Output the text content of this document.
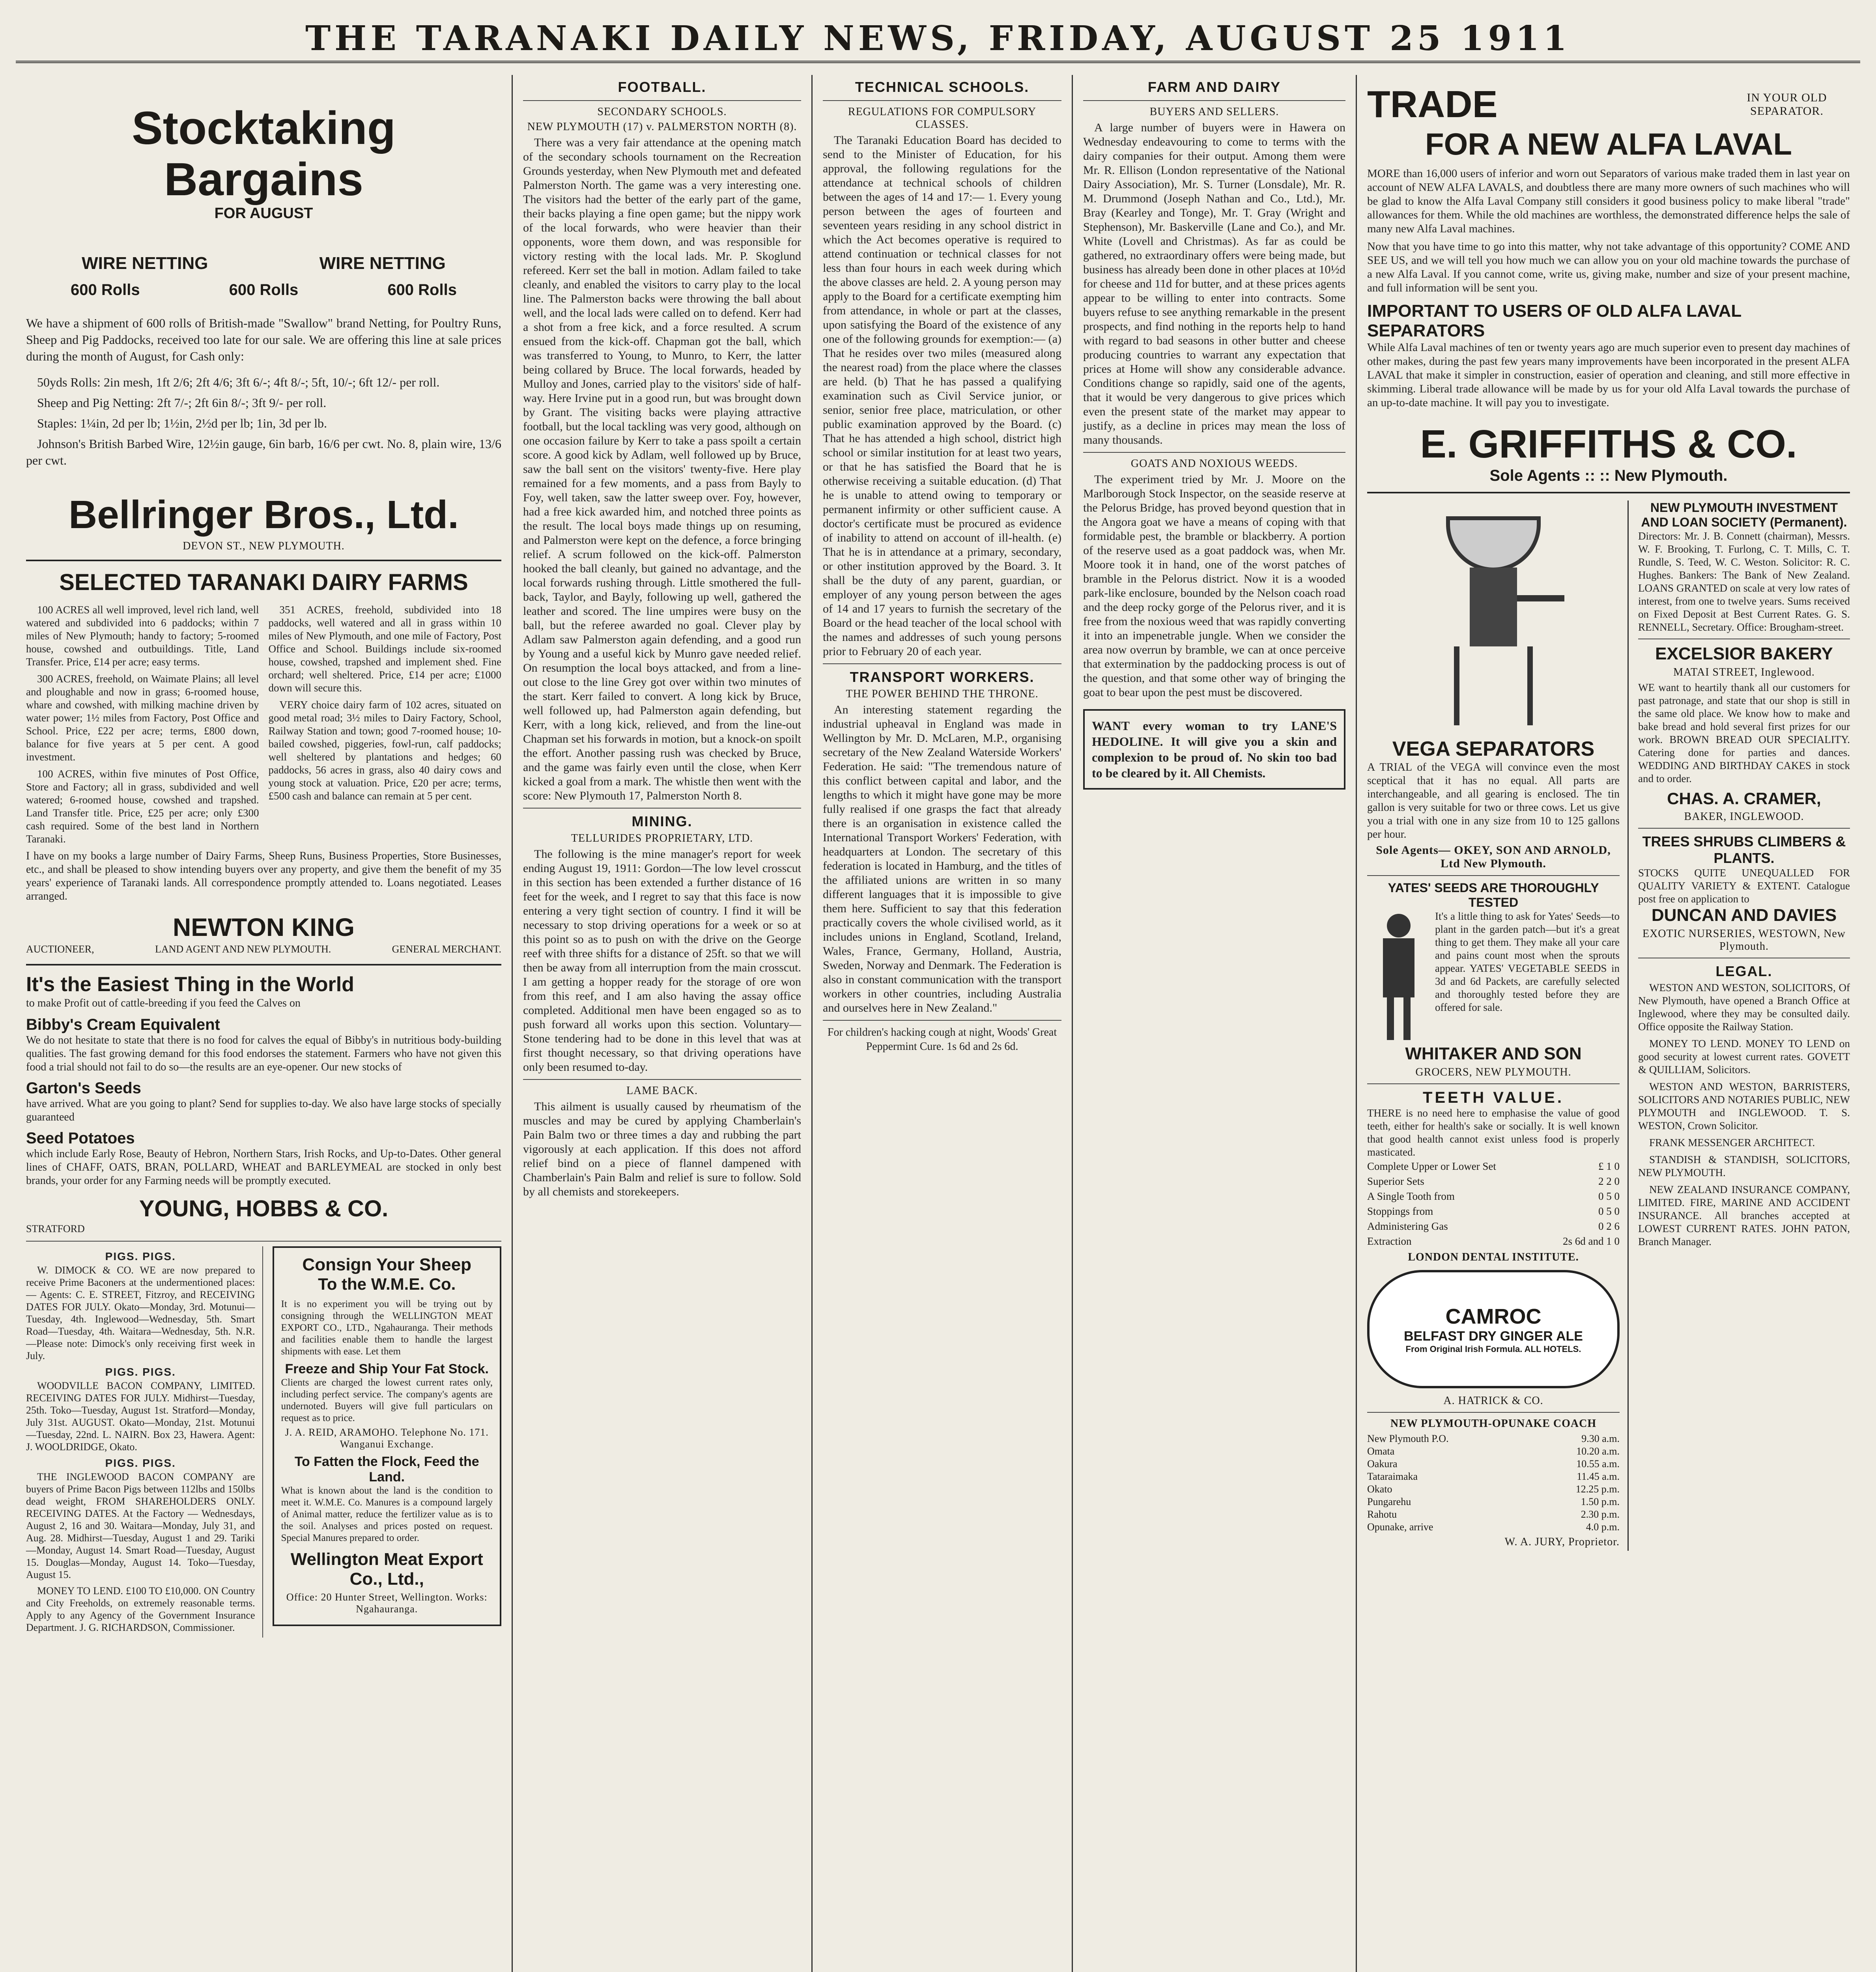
THE TARANAKI DAILY NEWS, FRIDAY, AUGUST 25 1911
Stocktaking Bargains
FOR AUGUST
WIRE NETTING	WIRE NETTING
600 Rolls	600 Rolls	600 Rolls
We have a shipment of 600 rolls of British-made "Swallow" brand Netting, for Poultry Runs, Sheep and Pig Paddocks, received too late for our sale. We are offering this line at sale prices during the month of August, for Cash only:

50yds Rolls: 2in mesh, 1ft 2/6; 2ft 4/6; 3ft 6/-; 4ft 8/-; 5ft, 10/-; 6ft 12/- per roll.

Sheep and Pig Netting: 2ft 7/-; 2ft 6in 8/-; 3ft 9/- per roll.

Staples: 1¼in, 2d per lb; 1½in, 2½d per lb; 1in, 3d per lb.

Johnson's British Barbed Wire, 12½in gauge, 6in barb, 16/6 per cwt. No. 8, plain wire, 13/6 per cwt.

Bellringer Bros., Ltd.
DEVON ST., NEW PLYMOUTH.
SELECTED TARANAKI DAIRY FARMS

100 ACRES all well improved, level rich land, well watered and subdivided into 6 paddocks; within 7 miles of New Plymouth; handy to factory; 5-roomed house, cowshed and outbuildings. Title, Land Transfer. Price, £14 per acre; easy terms.

300 ACRES, freehold, on Waimate Plains; all level and ploughable and now in grass; 6-roomed house, whare and cowshed, with milking machine driven by water power; 1½ miles from Factory, Post Office and School. Price, £22 per acre; terms, £800 down, balance for five years at 5 per cent. A good investment.

100 ACRES, within five minutes of Post Office, Store and Factory; all in grass, subdivided and well watered; 6-roomed house, cowshed and trapshed. Land Transfer title. Price, £25 per acre; only £300 cash required. Some of the best land in Northern Taranaki.

351 ACRES, freehold, subdivided into 18 paddocks, well watered and all in grass within 10 miles of New Plymouth, and one mile of Factory, Post Office and School. Buildings include six-roomed house, cowshed, trapshed and implement shed. Fine orchard; well sheltered. Price, £14 per acre; £1000 down will secure this.

VERY choice dairy farm of 102 acres, situated on good metal road; 3½ miles to Dairy Factory, School, Railway Station and town; good 7-roomed house; 10-bailed cowshed, piggeries, fowl-run, calf paddocks; well sheltered by plantations and hedges; 60 paddocks, 56 acres in grass, also 40 dairy cows and young stock at valuation. Price, £20 per acre; terms, £500 cash and balance can remain at 5 per cent.

I have on my books a large number of Dairy Farms, Sheep Runs, Business Properties, Store Businesses, etc., and shall be pleased to show intending buyers over any property, and give them the benefit of my 35 years' experience of Taranaki lands. All correspondence promptly attended to. Loans negotiated. Leases arranged.
NEWTON KING
AUCTIONEER,	LAND AGENT AND NEW PLYMOUTH.	GENERAL MERCHANT.
It's the Easiest Thing in the World
to make Profit out of cattle-breeding if you feed the Calves on
Bibby's Cream Equivalent
We do not hesitate to state that there is no food for calves the equal of Bibby's in nutritious body-building qualities. The fast growing demand for this food endorses the statement. Farmers who have not given this food a trial should not fail to do so—the results are an eye-opener. Our new stocks of
Garton's Seeds
have arrived. What are you going to plant? Send for supplies to-day. We also have large stocks of specially guaranteed
Seed Potatoes
which include Early Rose, Beauty of Hebron, Northern Stars, Irish Rocks, and Up-to-Dates. Other general lines of CHAFF, OATS, BRAN, POLLARD, WHEAT and BARLEYMEAL are stocked in only best brands, your order for any Farming needs will be promptly executed.
YOUNG, HOBBS & CO.
STRATFORD
PIGS. PIGS.

W. DIMOCK & CO. WE are now prepared to receive Prime Baconers at the undermentioned places:— Agents: C. E. STREET, Fitzroy, and RECEIVING DATES FOR JULY. Okato—Monday, 3rd. Motunui—Tuesday, 4th. Inglewood—Wednesday, 5th. Smart Road—Tuesday, 4th. Waitara—Wednesday, 5th. N.R.—Please note: Dimock's only receiving first week in July.

PIGS. PIGS.

WOODVILLE BACON COMPANY, LIMITED. RECEIVING DATES FOR JULY. Midhirst—Tuesday, 25th. Toko—Tuesday, August 1st. Stratford—Monday, July 31st. AUGUST. Okato—Monday, 21st. Motunui—Tuesday, 22nd. L. NAIRN. Box 23, Hawera. Agent: J. WOOLDRIDGE, Okato.

PIGS. PIGS.

THE INGLEWOOD BACON COMPANY are buyers of Prime Bacon Pigs between 112lbs and 150lbs dead weight, FROM SHAREHOLDERS ONLY. RECEIVING DATES. At the Factory — Wednesdays, August 2, 16 and 30. Waitara—Monday, July 31, and Aug. 28. Midhirst—Tuesday, August 1 and 29. Tariki—Monday, August 14. Smart Road—Tuesday, August 15. Douglas—Monday, August 14. Toko—Tuesday, August 15.

MONEY TO LEND. £100 TO £10,000. ON Country and City Freeholds, on extremely reasonable terms. Apply to any Agency of the Government Insurance Department. J. G. RICHARDSON, Commissioner.

Consign Your Sheep
To the W.M.E. Co.
It is no experiment you will be trying out by consigning through the WELLINGTON MEAT EXPORT CO., LTD., Ngahauranga. Their methods and facilities enable them to handle the largest shipments with ease. Let them
Freeze and Ship Your Fat Stock.
Clients are charged the lowest current rates only, including perfect service. The company's agents are undernoted. Buyers will give full particulars on request as to price.
J. A. REID, ARAMOHO. Telephone No. 171. Wanganui Exchange.
To Fatten the Flock, Feed the Land.
What is known about the land is the condition to meet it. W.M.E. Co. Manures is a compound largely of Animal matter, reduce the fertilizer value as is to the soil. Analyses and prices posted on request. Special Manures prepared to order.
Wellington Meat Export Co., Ltd.,
Office: 20 Hunter Street, Wellington. Works: Ngahauranga.
FOOTBALL.
SECONDARY SCHOOLS.
NEW PLYMOUTH (17) v. PALMERSTON NORTH (8).

There was a very fair attendance at the opening match of the secondary schools tournament on the Recreation Grounds yesterday, when New Plymouth met and defeated Palmerston North. The game was a very interesting one. The visitors had the better of the early part of the game, their backs playing a fine open game; but the nippy work of the local forwards, who were heavier than their opponents, wore them down, and was responsible for victory resting with the local lads. Mr. P. Skoglund refereed. Kerr set the ball in motion. Adlam failed to take cleanly, and enabled the visitors to carry play to the local line. The Palmerston backs were throwing the ball about well, and the local lads were called on to defend. Kerr had a shot from a free kick, and a force resulted. A scrum ensued from the kick-off. Chapman got the ball, which was transferred to Young, to Munro, to Kerr, the latter being collared by Bruce. The local forwards, headed by Mulloy and Jones, carried play to the visitors' side of half-way. Here Irvine put in a good run, but was brought down by Grant. The visiting backs were playing attractive football, but the local tackling was very good, although on one occasion failure by Kerr to take a pass spoilt a certain score. A good kick by Adlam, well followed up by Bruce, saw the ball sent on the visitors' twenty-five. Here play remained for a few moments, and a pass from Bayly to Foy, well taken, saw the latter sweep over. Foy, however, had a free kick awarded him, and notched three points as the result. The local boys made things up on resuming, and Palmerston were kept on the defence, a force bringing relief. A scrum followed on the kick-off. Palmerston hooked the ball cleanly, but gained no advantage, and the local forwards rushing through. Little smothered the full-back, Taylor, and Bayly, following up well, gathered the leather and scored. The line umpires were busy on the ball, but the referee awarded no goal. Clever play by Adlam saw Palmerston again defending, and a good run by Young and a useful kick by Munro gave needed relief. On resumption the local boys attacked, and from a line-out close to the line Grey got over within two minutes of the start. Kerr failed to convert. A long kick by Bruce, well followed up, had Palmerston again defending, but Kerr, with a long kick, relieved, and from the line-out Chapman set his forwards in motion, but a knock-on spoilt the effort. Another passing rush was checked by Bruce, and the game was fairly even until the close, when Kerr kicked a goal from a mark. The whistle then went with the score: New Plymouth 17, Palmerston North 8.

MINING.
TELLURIDES PROPRIETARY, LTD.

The following is the mine manager's report for week ending August 19, 1911: Gordon—The low level crosscut in this section has been extended a further distance of 16 feet for the week, and I regret to say that this face is now entering a very tight section of country. I find it will be necessary to stop driving operations for a week or so at this point so as to push on with the drive on the George reef with three shifts for a distance of 25ft. so that we will then be away from all interruption from the main crosscut. I am getting a hopper ready for the storage of ore won from this reef, and I am also having the assay office completed. Additional men have been engaged so as to push forward all works upon this section. Voluntary—Stone tendering had to be done in this level that was at first thought necessary, so that driving operations have only been resumed to-day.

LAME BACK.

This ailment is usually caused by rheumatism of the muscles and may be cured by applying Chamberlain's Pain Balm two or three times a day and rubbing the part vigorously at each application. If this does not afford relief bind on a piece of flannel dampened with Chamberlain's Pain Balm and relief is sure to follow. Sold by all chemists and storekeepers.

TECHNICAL SCHOOLS.
REGULATIONS FOR COMPULSORY CLASSES.

The Taranaki Education Board has decided to send to the Minister of Education, for his approval, the following regulations for the attendance at technical schools of children between the ages of 14 and 17:— 1. Every young person between the ages of fourteen and seventeen years residing in any school district in which the Act becomes operative is required to attend continuation or technical classes for not less than four hours in each week during which the above classes are held. 2. A young person may apply to the Board for a certificate exempting him from attendance, in whole or part at the classes, upon satisfying the Board of the existence of any one of the following grounds for exemption:— (a) That he resides over two miles (measured along the nearest road) from the place where the classes are held. (b) That he has passed a qualifying examination such as Civil Service junior, or senior, senior free place, matriculation, or other public examination approved by the Board. (c) That he has attended a high school, district high school or similar institution for at least two years, or that he has satisfied the Board that he is otherwise receiving a suitable education. (d) That he is unable to attend owing to temporary or permanent infirmity or other sufficient cause. A doctor's certificate must be procured as evidence of inability to attend on account of ill-health. (e) That he is in attendance at a primary, secondary, or other institution approved by the Board. 3. It shall be the duty of any parent, guardian, or employer of any young person between the ages of 14 and 17 years to furnish the secretary of the Board or the head teacher of the local school with the names and addresses of such young persons prior to February 20 of each year.

TRANSPORT WORKERS.
THE POWER BEHIND THE THRONE.

An interesting statement regarding the industrial upheaval in England was made in Wellington by Mr. D. McLaren, M.P., organising secretary of the New Zealand Waterside Workers' Federation. He said: "The tremendous nature of this conflict between capital and labor, and the lengths to which it might have gone may be more fully realised if one grasps the fact that already there is an organisation in existence called the International Transport Workers' Federation, with headquarters at London. The secretary of this federation is located in Hamburg, and the titles of the affiliated unions are written in so many different languages that it is impossible to give them here. Sufficient to say that this federation practically covers the whole civilised world, as it includes unions in England, Scotland, Ireland, Wales, France, Germany, Holland, Austria, Sweden, Norway and Denmark. The Federation is also in constant communication with the transport workers in other countries, including Australia and ourselves here in New Zealand."

For children's hacking cough at night, Woods' Great Peppermint Cure. 1s 6d and 2s 6d.
FARM AND DAIRY
BUYERS AND SELLERS.

A large number of buyers were in Hawera on Wednesday endeavouring to come to terms with the dairy companies for their output. Among them were Mr. R. Ellison (London representative of the National Dairy Association), Mr. S. Turner (Lonsdale), Mr. R. M. Drummond (Joseph Nathan and Co., Ltd.), Mr. Bray (Kearley and Tonge), Mr. T. Gray (Wright and Stephenson), Mr. Baskerville (Lane and Co.), and Mr. White (Lovell and Christmas). As far as could be gathered, no extraordinary offers were being made, but business has already been done in other places at 10½d for cheese and 11d for butter, and at these prices agents appear to be willing to enter into contracts. Some buyers refuse to see anything remarkable in the present prospects, and find nothing in the reports help to hand with regard to bad seasons in other butter and cheese producing countries to warrant any expectation that prices at Home will show any considerable advance. Conditions change so rapidly, said one of the agents, that it would be very dangerous to give prices which even the present state of the market may appear to justify, as a decline in prices may mean the loss of many thousands.

GOATS AND NOXIOUS WEEDS.

The experiment tried by Mr. J. Moore on the Marlborough Stock Inspector, on the seaside reserve at the Pelorus Bridge, has proved beyond question that in the Angora goat we have a means of coping with that formidable pest, the bramble or blackberry. A portion of the reserve used as a goat paddock was, when Mr. Moore took it in hand, one of the worst patches of bramble in the Pelorus district. Now it is a wooded park-like enclosure, bounded by the Nelson coach road and the deep rocky gorge of the Pelorus river, and it is free from the noxious weed that was rapidly converting it into an impenetrable jungle. When we consider the area now overrun by bramble, we can at once perceive that extermination by the paddocking process is out of the question, and that some other way of bringing the goat to bear upon the pest must be discovered.

WANT every woman to try LANE'S HEDOLINE. It will give you a skin and complexion to be proud of. No skin too bad to be cleared by it. All Chemists.
TRADE	IN YOUR OLD SEPARATOR.
FOR A NEW ALFA LAVAL
MORE than 16,000 users of inferior and worn out Separators of various make traded them in last year on account of NEW ALFA LAVALS, and doubtless there are many more owners of such machines who will be glad to know the Alfa Laval Company still considers it good business policy to make liberal "trade" allowances for them. While the old machines are worthless, the demonstrated difference helps the sale of many new Alfa Laval machines.
Now that you have time to go into this matter, why not take advantage of this opportunity? COME AND SEE US, and we will tell you how much we can allow you on your old machine towards the purchase of a new Alfa Laval. If you cannot come, write us, giving make, number and size of your present machine, and full information will be sent you.
IMPORTANT TO USERS OF OLD ALFA LAVAL SEPARATORS
While Alfa Laval machines of ten or twenty years ago are much superior even to present day machines of other makes, during the past few years many improvements have been incorporated in the present ALFA LAVAL that make it simpler in construction, easier of operation and cleaning, and still more effective in skimming. Liberal trade allowance will be made by us for your old Alfa Laval towards the purchase of an up-to-date machine. It will pay you to investigate.
E. GRIFFITHS & CO.
Sole Agents :: :: New Plymouth.
VEGA SEPARATORS
A TRIAL of the VEGA will convince even the most sceptical that it has no equal. All parts are interchangeable, and all gearing is enclosed. The tin gallon is very suitable for two or three cows. Let us give you a trial with one in any size from 10 to 125 gallons per hour.
Sole Agents— OKEY, SON AND ARNOLD, Ltd New Plymouth.
YATES' SEEDS ARE THOROUGHLY TESTED
It's a little thing to ask for Yates' Seeds—to plant in the garden patch—but it's a great thing to get them. They make all your care and pains count most when the sprouts appear. YATES' VEGETABLE SEEDS in 3d and 6d Packets, are carefully selected and thoroughly tested before they are offered for sale.
WHITAKER AND SON
GROCERS, NEW PLYMOUTH.
TEETH VALUE.
THERE is no need here to emphasise the value of good teeth, either for health's sake or socially. It is well known that good health cannot exist unless food is properly masticated.
Complete Upper or Lower Set	£ 1 0
Superior Sets	2 2 0
A Single Tooth from	0 5 0
Stoppings from	0 5 0
Administering Gas	0 2 6
Extraction	2s 6d and 1 0
LONDON DENTAL INSTITUTE.
CAMROC
BELFAST DRY GINGER ALE
From Original Irish Formula. ALL HOTELS.
A. HATRICK & CO.
NEW PLYMOUTH-OPUNAKE COACH
New Plymouth P.O.	9.30 a.m.
Omata	10.20 a.m.
Oakura	10.55 a.m.
Tataraimaka	11.45 a.m.
Okato	12.25 p.m.
Pungarehu	1.50 p.m.
Rahotu	2.30 p.m.
Opunake, arrive	4.0 p.m.
W. A. JURY, Proprietor.
NEW PLYMOUTH INVESTMENT AND LOAN SOCIETY (Permanent).
Directors: Mr. J. B. Connett (chairman), Messrs. W. F. Brooking, T. Furlong, C. T. Mills, C. T. Rundle, S. Teed, W. C. Weston. Solicitor: R. C. Hughes. Bankers: The Bank of New Zealand. LOANS GRANTED on scale at very low rates of interest, from one to twelve years. Sums received on Fixed Deposit at Best Current Rates. G. S. RENNELL, Secretary. Office: Brougham-street.
EXCELSIOR BAKERY
MATAI STREET, Inglewood.
WE want to heartily thank all our customers for past patronage, and state that our shop is still in the same old place. We know how to make and bake bread and hold several first prizes for our work. BROWN BREAD OUR SPECIALITY. Catering done for parties and dances. WEDDING AND BIRTHDAY CAKES in stock and to order.
CHAS. A. CRAMER,
BAKER, INGLEWOOD.
TREES SHRUBS CLIMBERS & PLANTS.
STOCKS QUITE UNEQUALLED FOR QUALITY VARIETY & EXTENT. Catalogue post free on application to
DUNCAN AND DAVIES
EXOTIC NURSERIES, WESTOWN, New Plymouth.
LEGAL.

WESTON AND WESTON, SOLICITORS, Of New Plymouth, have opened a Branch Office at Inglewood, where they may be consulted daily. Office opposite the Railway Station.

MONEY TO LEND. MONEY TO LEND on good security at lowest current rates. GOVETT & QUILLIAM, Solicitors.

WESTON AND WESTON, BARRISTERS, SOLICITORS AND NOTARIES PUBLIC, NEW PLYMOUTH and INGLEWOOD. T. S. WESTON, Crown Solicitor.

FRANK MESSENGER ARCHITECT.

STANDISH & STANDISH, SOLICITORS, NEW PLYMOUTH.

NEW ZEALAND INSURANCE COMPANY, LIMITED. FIRE, MARINE AND ACCIDENT INSURANCE. All branches accepted at LOWEST CURRENT RATES. JOHN PATON, Branch Manager.
